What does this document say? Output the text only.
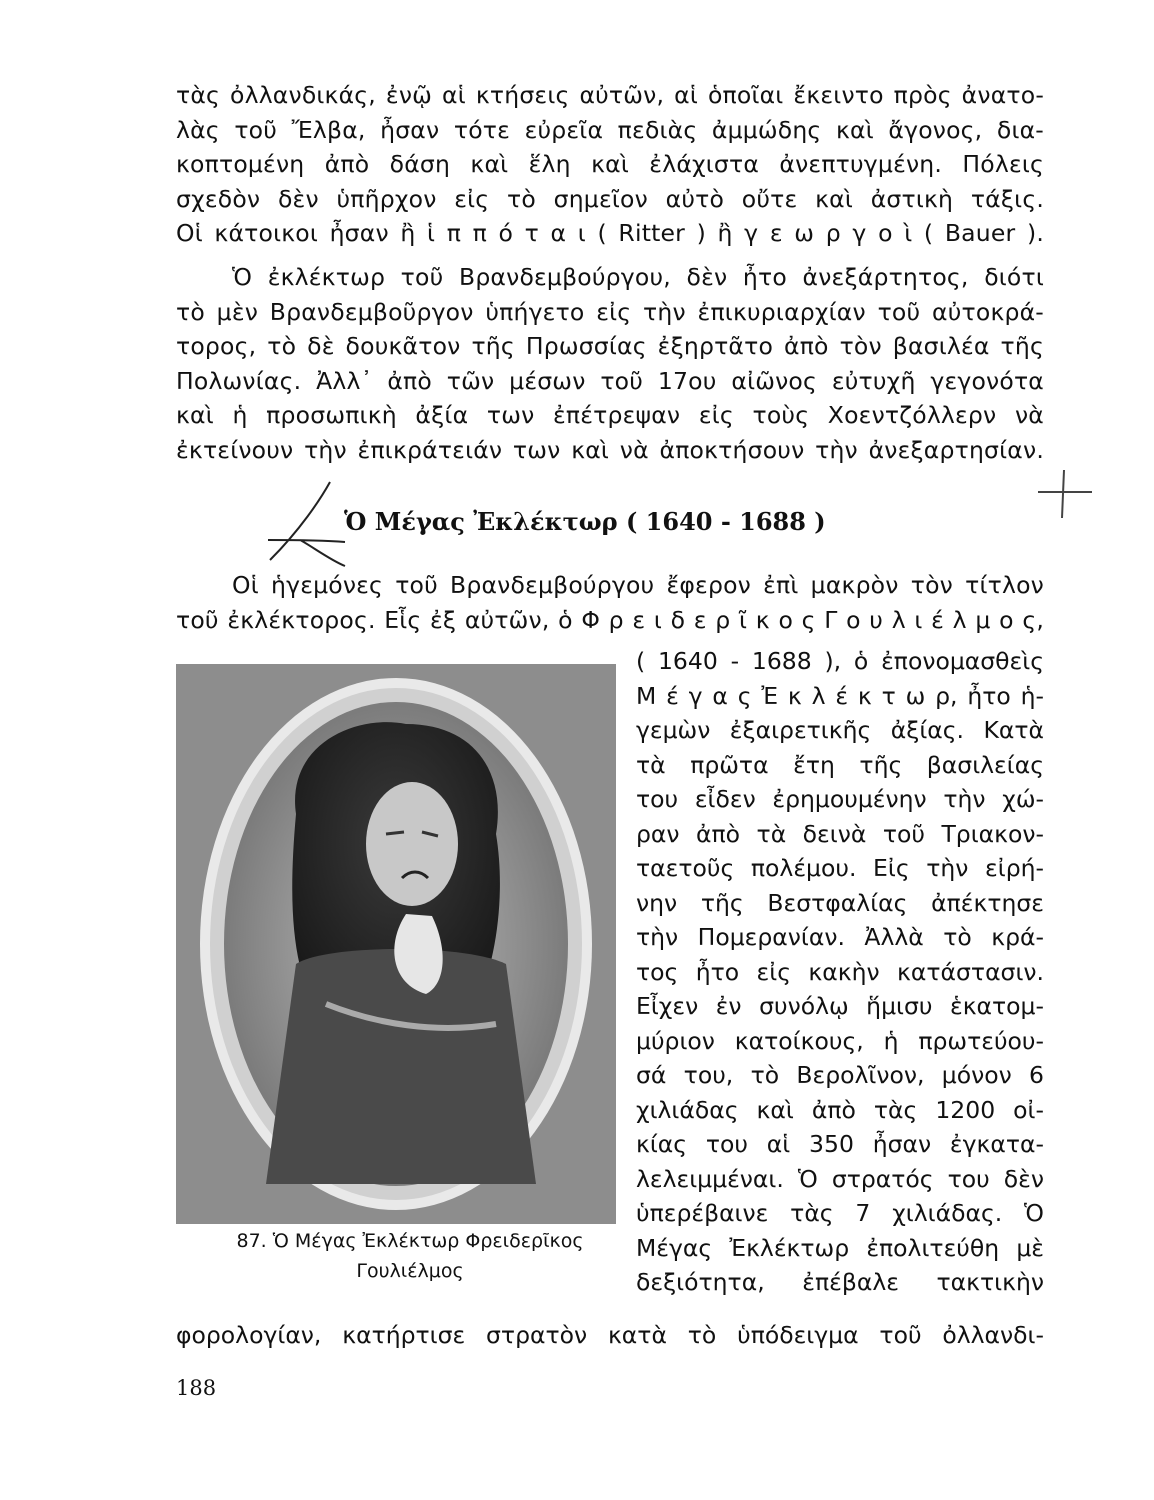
τὰς ὀλλανδικάς, ἐνῷ αἱ κτήσεις αὐτῶν, αἱ ὁποῖαι ἔκειντο πρὸς ἀνατο-
λὰς τοῦ Ἔλβα, ἦσαν τότε εὐρεῖα πεδιὰς ἀμμώδης καὶ ἄγονος, δια-
κοπτομένη ἀπὸ δάση καὶ ἕλη καὶ ἐλάχιστα ἀνεπτυγμένη. Πόλεις
σχεδὸν δὲν ὑπῆρχον εἰς τὸ σημεῖον αὐτὸ οὔτε καὶ ἀστικὴ τάξις.
Οἱ κάτοικοι ἦσαν ἢ ἱ π π ό τ α ι ( Ritter ) ἢ γ ε ω ρ γ ο ὶ ( Bauer ).
Ὁ ἐκλέκτωρ τοῦ Βρανδεμβούργου, δὲν ἦτο ἀνεξάρτητος, διότι
τὸ μὲν Βρανδεμβοῦργον ὑπήγετο εἰς τὴν ἐπικυριαρχίαν τοῦ αὐτοκρά-
τορος, τὸ δὲ δουκᾶτον τῆς Πρωσσίας ἐξηρτᾶτο ἀπὸ τὸν βασιλέα τῆς
Πολωνίας. Ἀλλ᾿ ἀπὸ τῶν μέσων τοῦ 17ου αἰῶνος εὐτυχῆ γεγονότα
καὶ ἡ προσωπικὴ ἀξία των ἐπέτρεψαν εἰς τοὺς Χοεντζόλλερν νὰ
ἐκτείνουν τὴν ἐπικράτειάν των καὶ νὰ ἀποκτήσουν τὴν ἀνεξαρτησίαν.
Ὁ Μέγας Ἐκλέκτωρ ( 1640 - 1688 )
Οἱ ἡγεμόνες τοῦ Βρανδεμβούργου ἔφερον ἐπὶ μακρὸν τὸν τίτλον
τοῦ ἐκλέκτορος. Εἷς ἐξ αὐτῶν, ὁ Φ ρ ε ι δ ε ρ ῖ κ ο ς Γ ο υ λ ι έ λ μ ο ς,
87. Ὁ Μέγας Ἐκλέκτωρ Φρειδερῖκος
Γουλιέλμος
( 1640 - 1688 ), ὁ ἐπονομασθεὶς
Μ έ γ α ς Ἐ κ λ έ κ τ ω ρ, ἦτο ἡ-
γεμὼν ἐξαιρετικῆς ἀξίας. Κατὰ
τὰ πρῶτα ἔτη τῆς βασιλείας
του εἶδεν ἐρημουμένην τὴν χώ-
ραν ἀπὸ τὰ δεινὰ τοῦ Τριακον-
ταετοῦς πολέμου. Εἰς τὴν εἰρή-
νην τῆς Βεστφαλίας ἀπέκτησε
τὴν Πομερανίαν. Ἀλλὰ τὸ κρά-
τος ἦτο εἰς κακὴν κατάστασιν.
Εἶχεν ἐν συνόλῳ ἥμισυ ἑκατομ-
μύριον κατοίκους, ἡ πρωτεύου-
σά του, τὸ Βερολῖνον, μόνον 6
χιλιάδας καὶ ἀπὸ τὰς 1200 οἰ-
κίας του αἱ 350 ἦσαν ἐγκατα-
λελειμμέναι. Ὁ στρατός του δὲν
ὑπερέβαινε τὰς 7 χιλιάδας. Ὁ
Μέγας Ἐκλέκτωρ ἐπολιτεύθη μὲ
δεξιότητα, ἐπέβαλε τακτικὴν
φορολογίαν, κατήρτισε στρατὸν κατὰ τὸ ὑπόδειγμα τοῦ ὀλλανδι-
188
